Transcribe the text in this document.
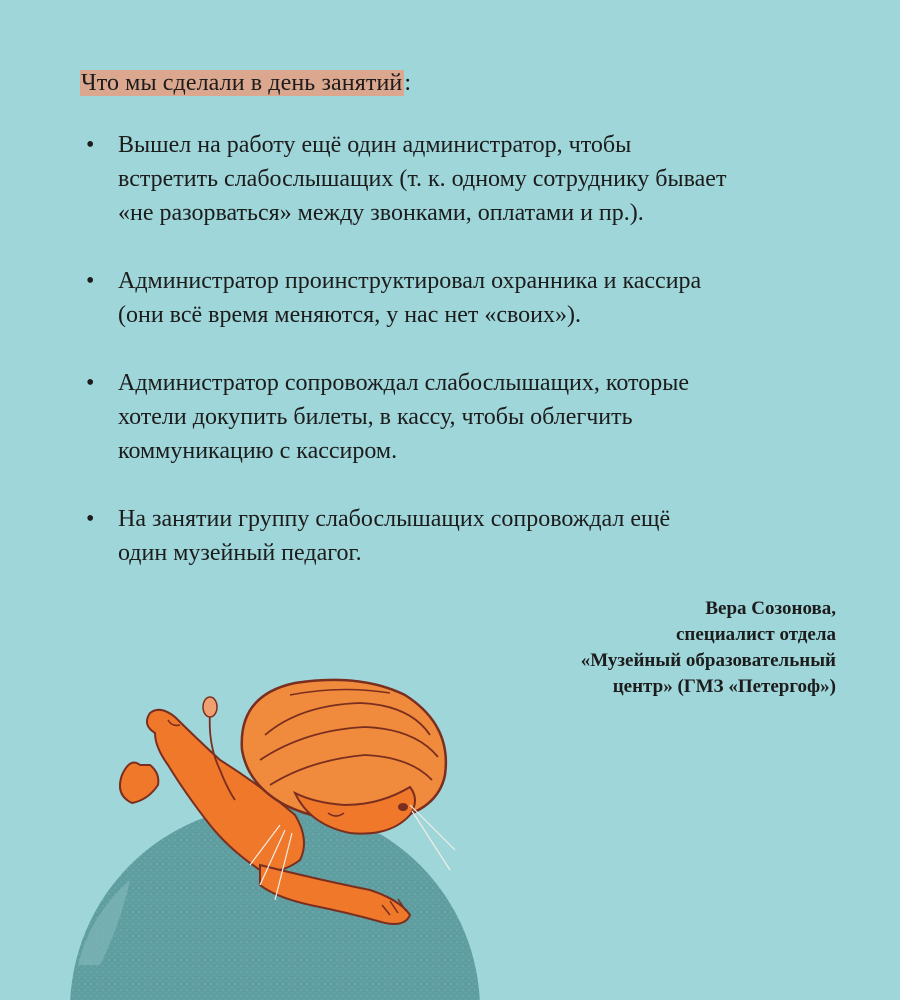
Что мы сделали в день занятий:
• Вышел на работу ещё один администратор, чтобы
встретить слабослышащих (т. к. одному сотруднику бывает
«не разорваться» между звонками, оплатами и пр.).
• Администратор проинструктировал охранника и кассира
(они всё время меняются, у нас нет «своих»).
• Администратор сопровождал слабослышащих, которые
хотели докупить билеты, в кассу, чтобы облегчить
коммуникацию с кассиром.
• На занятии группу слабослышащих сопровождал ещё
один музейный педагог.
Вера Созонова,
специалист отдела
«Музейный образовательный
центр» (ГМЗ «Петергоф»)
